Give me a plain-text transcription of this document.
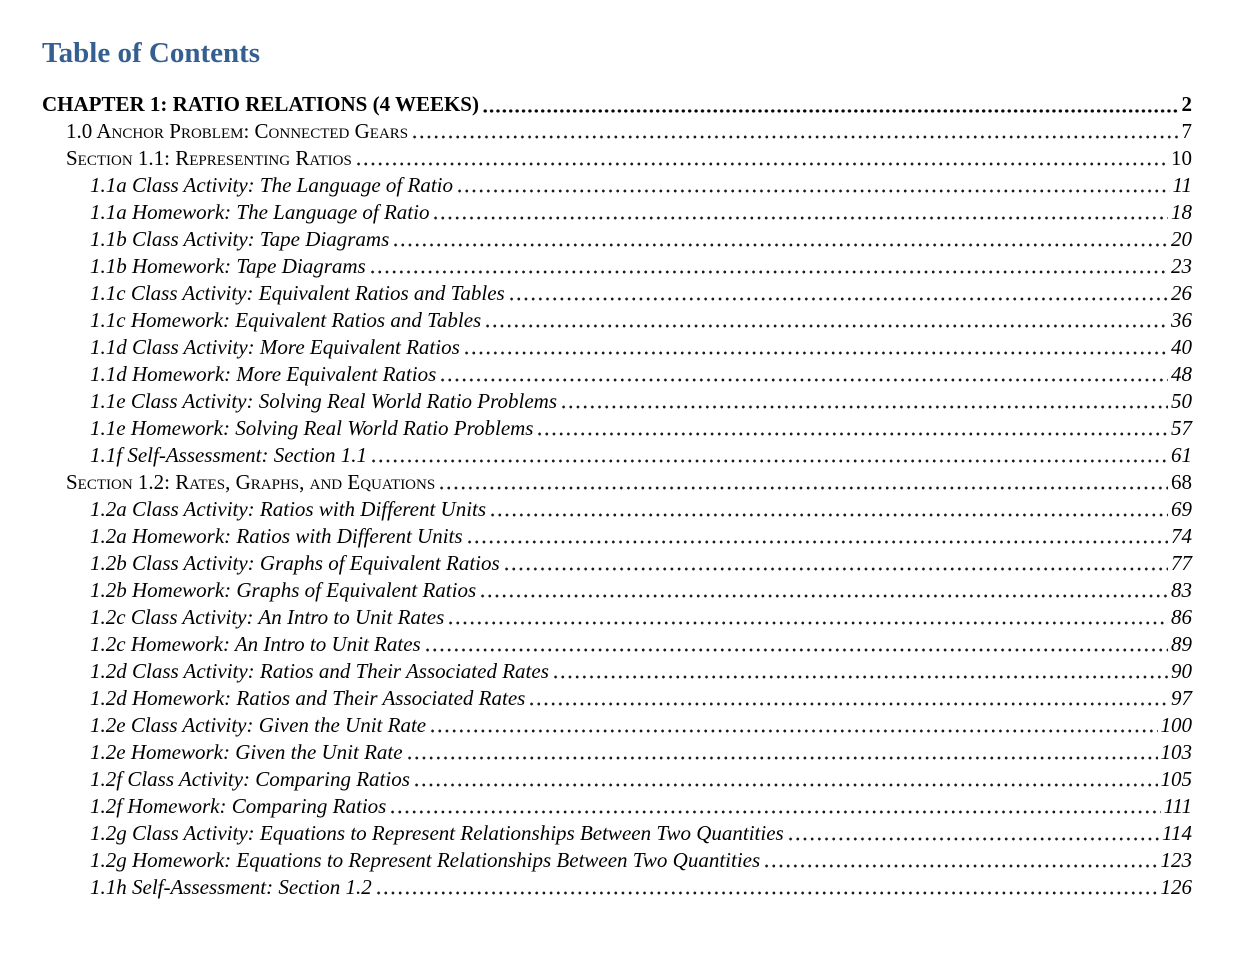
Table of Contents
CHAPTER 1: RATIO RELATIONS (4 WEEKS)	2
1.0 Anchor Problem: Connected Gears	7
Section 1.1: Representing Ratios	10
1.1a Class Activity: The Language of Ratio	11
1.1a Homework: The Language of Ratio	18
1.1b Class Activity: Tape Diagrams	20
1.1b Homework: Tape Diagrams	23
1.1c Class Activity: Equivalent Ratios and Tables	26
1.1c Homework: Equivalent Ratios and Tables	36
1.1d Class Activity: More Equivalent Ratios	40
1.1d Homework: More Equivalent Ratios	48
1.1e Class Activity: Solving Real World Ratio Problems	50
1.1e Homework: Solving Real World Ratio Problems	57
1.1f Self-Assessment: Section 1.1	61
Section 1.2: Rates, Graphs, and Equations	68
1.2a Class Activity: Ratios with Different Units	69
1.2a Homework: Ratios with Different Units	74
1.2b Class Activity: Graphs of Equivalent Ratios	77
1.2b Homework: Graphs of Equivalent Ratios	83
1.2c Class Activity: An Intro to Unit Rates	86
1.2c Homework: An Intro to Unit Rates	89
1.2d Class Activity: Ratios and Their Associated Rates	90
1.2d Homework: Ratios and Their Associated Rates	97
1.2e Class Activity: Given the Unit Rate	100
1.2e Homework: Given the Unit Rate	103
1.2f Class Activity: Comparing Ratios	105
1.2f Homework: Comparing Ratios	111
1.2g Class Activity: Equations to Represent Relationships Between Two Quantities	114
1.2g Homework: Equations to Represent Relationships Between Two Quantities	123
1.1h Self-Assessment: Section 1.2	126
